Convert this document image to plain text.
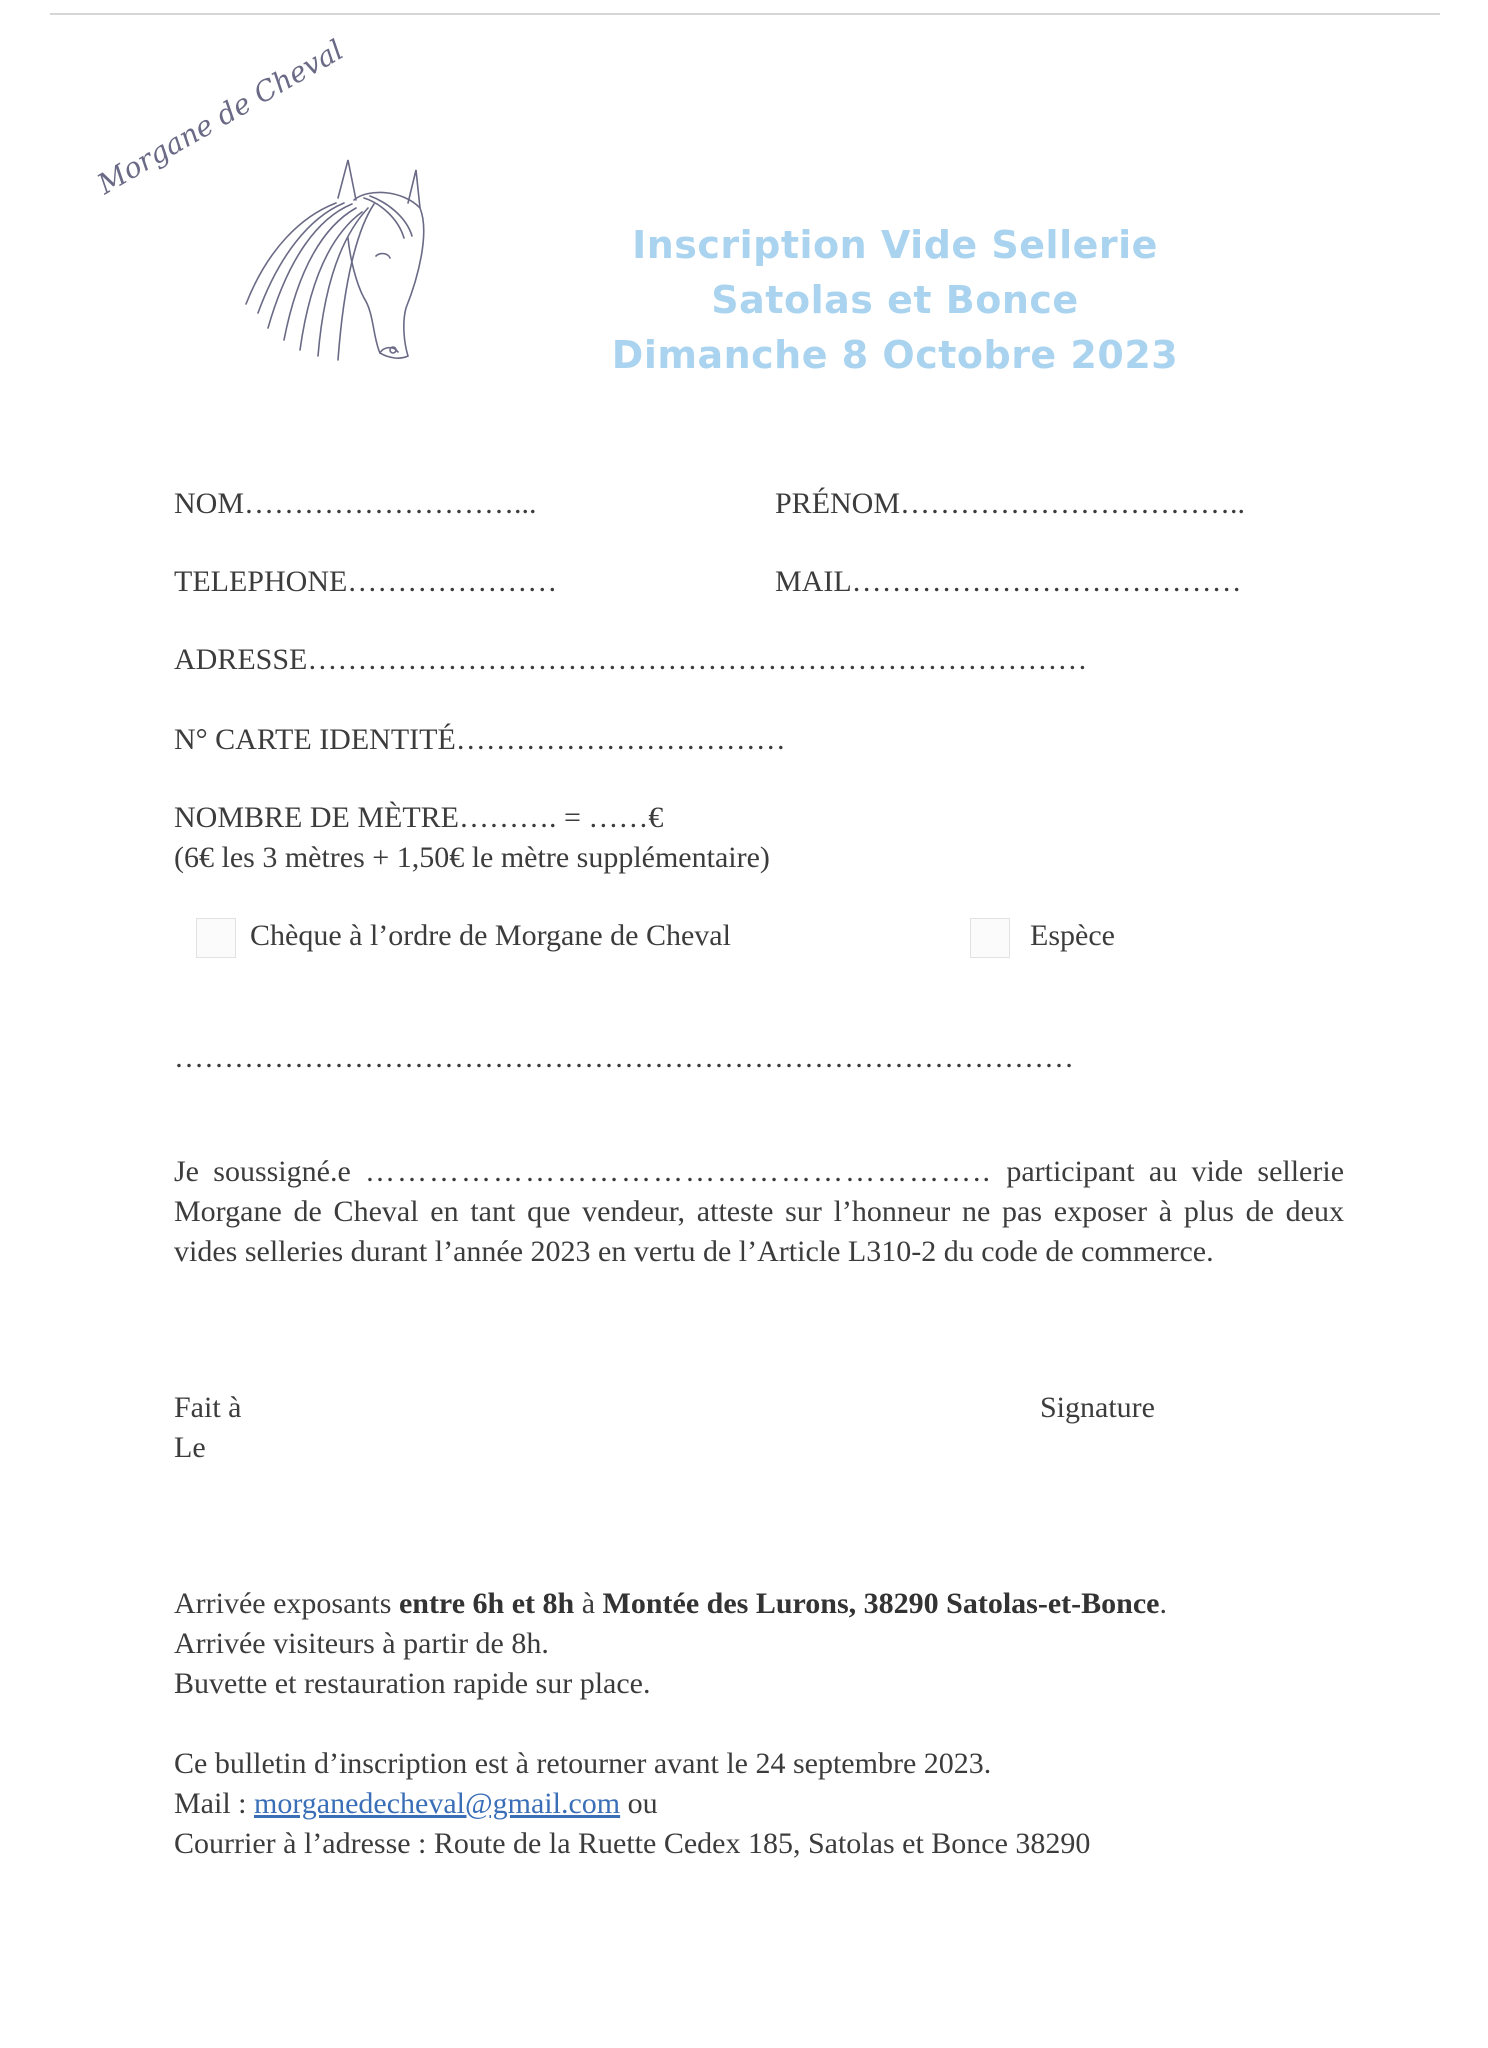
Morgane de Cheval
Inscription Vide Sellerie
Satolas et Bonce
Dimanche 8 Octobre 2023
NOM………………………...	PRÉNOM……………………………..
TELEPHONE…………………	MAIL…………………………………
ADRESSE……………………………………………………………………
N° CARTE IDENTITÉ……………………………
NOMBRE DE MÈTRE………. = ……€
(6€ les 3 mètres + 1,50€ le mètre supplémentaire)
Chèque à l’ordre de Morgane de Cheval	Espèce
………………………………………………………………………………
Je soussigné.e ………………………………………………….. participant au vide sellerie Morgane de Cheval en tant que vendeur, atteste sur l’honneur ne pas exposer à plus de deux vides selleries durant l’année 2023 en vertu de l’Article L310-2 du code de commerce.
Fait à
Le
Signature
Arrivée exposants entre 6h et 8h à Montée des Lurons, 38290 Satolas-et-Bonce.
Arrivée visiteurs à partir de 8h.
Buvette et restauration rapide sur place.
Ce bulletin d’inscription est à retourner avant le 24 septembre 2023.
Mail : morganedecheval@gmail.com ou
Courrier à l’adresse : Route de la Ruette Cedex 185, Satolas et Bonce 38290
